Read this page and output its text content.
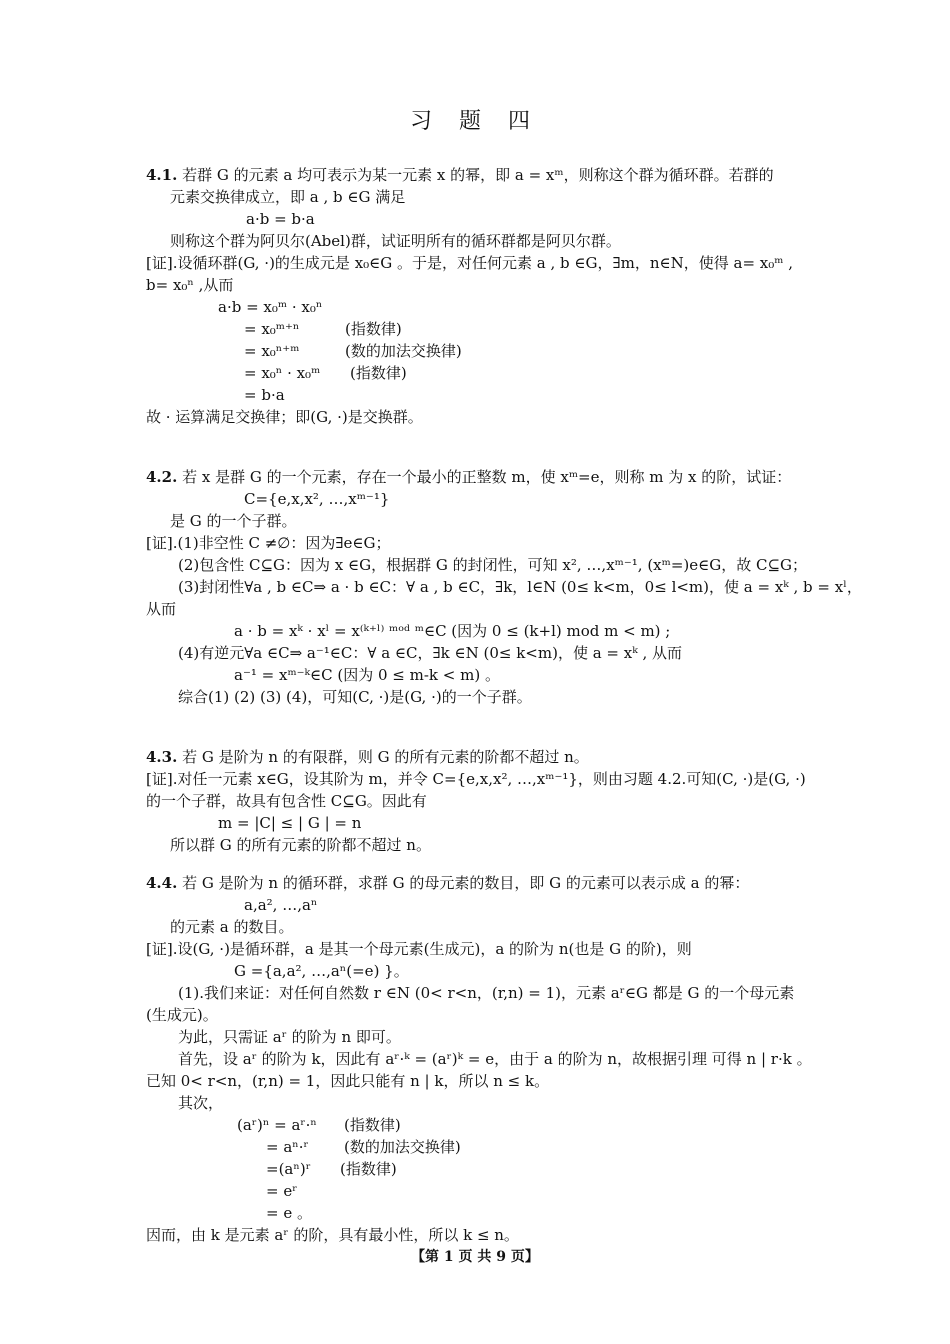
习 题 四
4.1. 若群 G 的元素 a 均可表示为某一元素 x 的幂，即 a = xᵐ，则称这个群为循环群。若群的
元素交换律成立，即 a , b ∈G 满足
a·b = b·a
则称这个群为阿贝尔(Abel)群，试证明所有的循环群都是阿贝尔群。
[证].设循环群(G, ·)的生成元是 x₀∈G 。于是，对任何元素 a , b ∈G，∃m，n∈N，使得 a= x₀ᵐ ,
b= x₀ⁿ ,从而
a·b = x₀ᵐ · x₀ⁿ
= x₀ᵐ⁺ⁿ	(指数律)
= x₀ⁿ⁺ᵐ	(数的加法交换律)
= x₀ⁿ · x₀ᵐ (指数律)
= b·a
故 · 运算满足交换律；即(G, ·)是交换群。
4.2. 若 x 是群 G 的一个元素，存在一个最小的正整数 m，使 xᵐ=e，则称 m 为 x 的阶，试证：
C={e,x,x², …,xᵐ⁻¹}
是 G 的一个子群。
[证].(1)非空性 C ≠∅：因为∃e∈G；
(2)包含性 C⊆G：因为 x ∈G，根据群 G 的封闭性，可知 x², …,xᵐ⁻¹, (xᵐ=)e∈G，故 C⊆G；
(3)封闭性∀a , b ∈C⇒ a · b ∈C：∀ a , b ∈C，∃k，l∈N (0≤ k<m，0≤ l<m)，使 a = xᵏ , b = xˡ，
从而
a · b = xᵏ · xˡ = x⁽ᵏ⁺ˡ⁾ ᵐᵒᵈ ᵐ∈C (因为 0 ≤ (k+l) mod m < m) ;
(4)有逆元∀a ∈C⇒ a⁻¹∈C：∀ a ∈C，∃k ∈N (0≤ k<m)，使 a = xᵏ , 从而
a⁻¹ = xᵐ⁻ᵏ∈C (因为 0 ≤ m-k < m) 。
综合(1) (2) (3) (4)，可知(C, ·)是(G, ·)的一个子群。
4.3. 若 G 是阶为 n 的有限群，则 G 的所有元素的阶都不超过 n。
[证].对任一元素 x∈G，设其阶为 m，并令 C={e,x,x², …,xᵐ⁻¹}，则由习题 4.2.可知(C, ·)是(G, ·)
的一个子群，故具有包含性 C⊆G。因此有
m = |C| ≤ | G | = n
所以群 G 的所有元素的阶都不超过 n。
4.4. 若 G 是阶为 n 的循环群，求群 G 的母元素的数目，即 G 的元素可以表示成 a 的幂：
a,a², …,aⁿ
的元素 a 的数目。
[证].设(G, ·)是循环群，a 是其一个母元素(生成元)，a 的阶为 n(也是 G 的阶)，则
G ={a,a², …,aⁿ(=e) }。
(1).我们来证：对任何自然数 r ∈N (0< r<n，(r,n) = 1)，元素 aʳ∈G 都是 G 的一个母元素
(生成元)。
为此，只需证 aʳ 的阶为 n 即可。
首先，设 aʳ 的阶为 k，因此有 aʳ·ᵏ = (aʳ)ᵏ = e，由于 a 的阶为 n，故根据引理 可得 n | r·k 。
已知 0< r<n，(r,n) = 1，因此只能有 n | k，所以 n ≤ k。
其次，
(aʳ)ⁿ = aʳ·ⁿ (指数律)
= aⁿ·ʳ (数的加法交换律)
=(aⁿ)ʳ (指数律)
= eʳ
= e 。
因而，由 k 是元素 aʳ 的阶，具有最小性，所以 k ≤ n。
【第 1 页 共 9 页】
